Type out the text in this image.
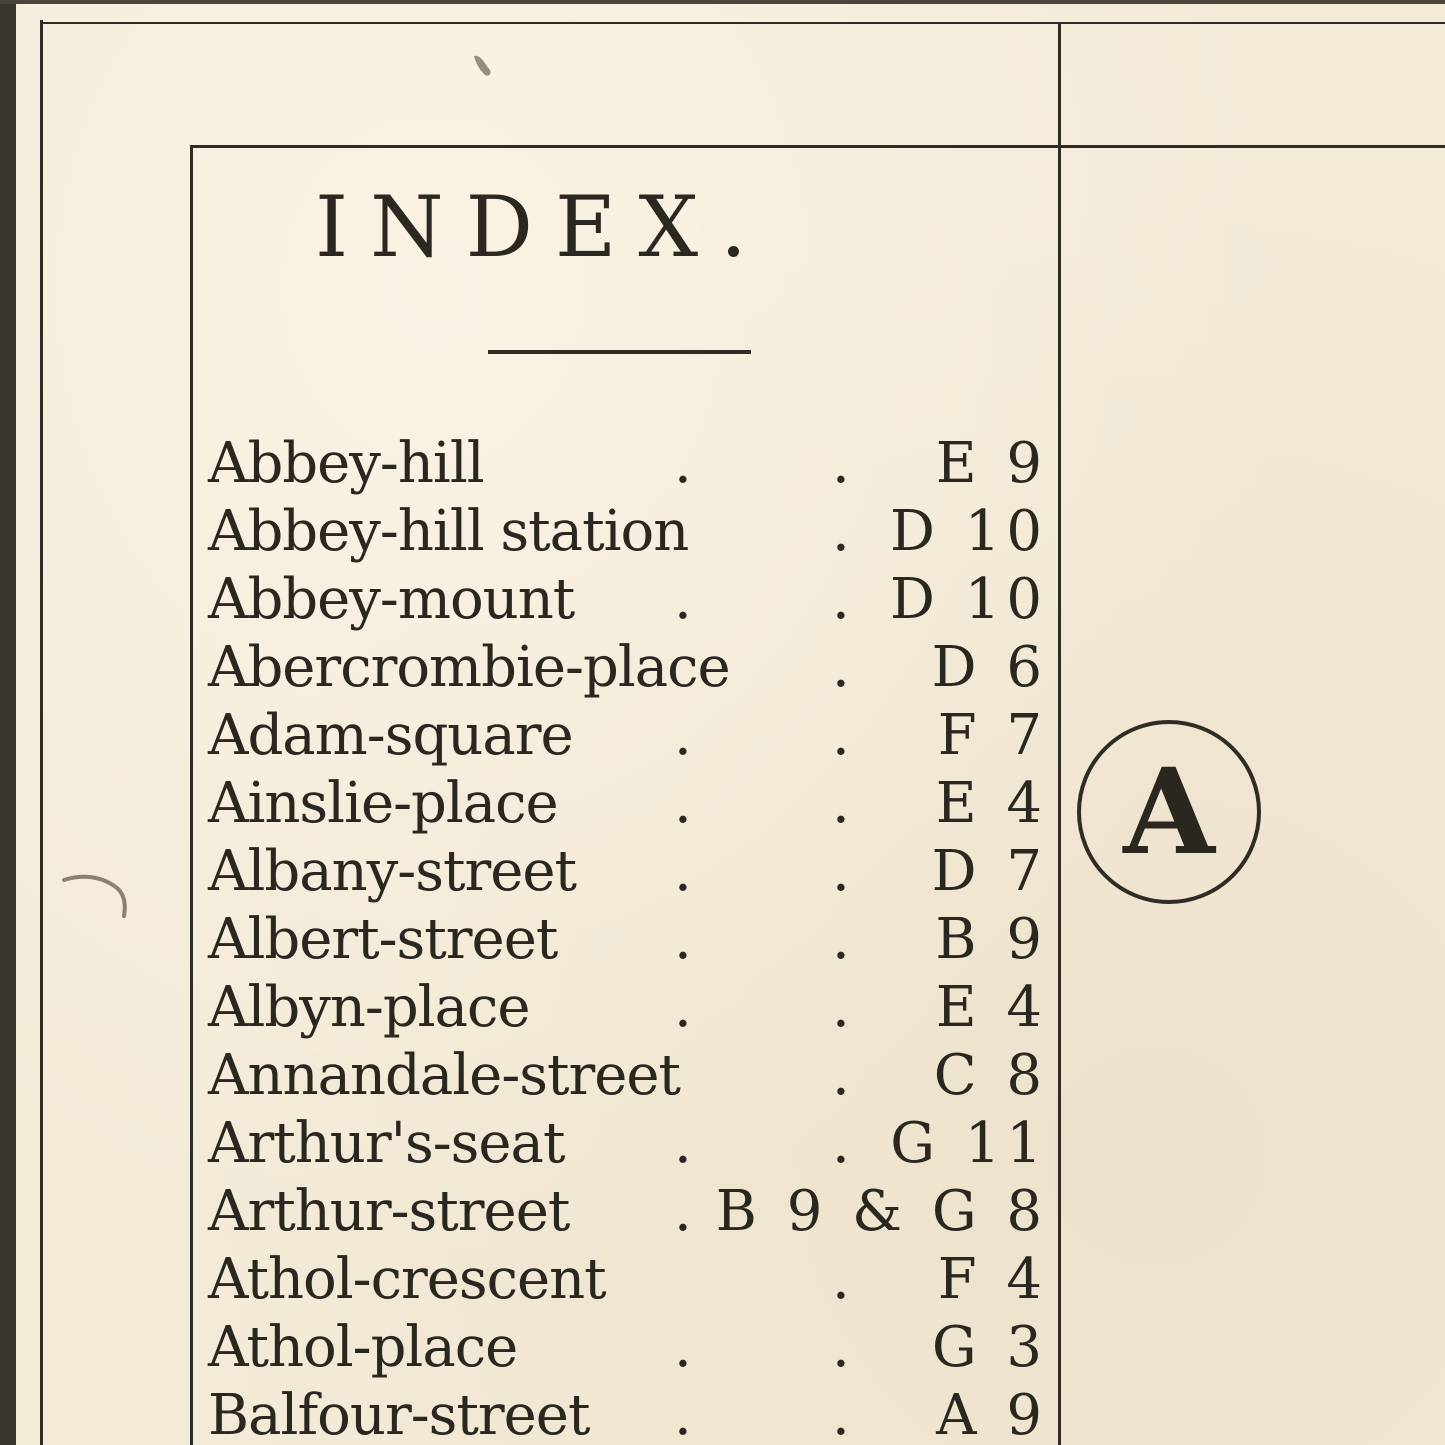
INDEX.
Abbey-hill	.	. E 9
Abbey-hill station	. D 10
Abbey-mount .	. D 10
Abercrombie-place . D 6
Adam-square .	. F 7
Ainslie-place .	. E 4
Albany-street .	. D 7
Albert-street .	. B 9
Albyn-place	.	. E 4
Annandale-street	. C 8
Arthur's-seat .	. G 11
Arthur-street . B 9 & G 8
Athol-crescent	. F 4
Athol-place	.	. G 3
Balfour-street .	. A 9
A
